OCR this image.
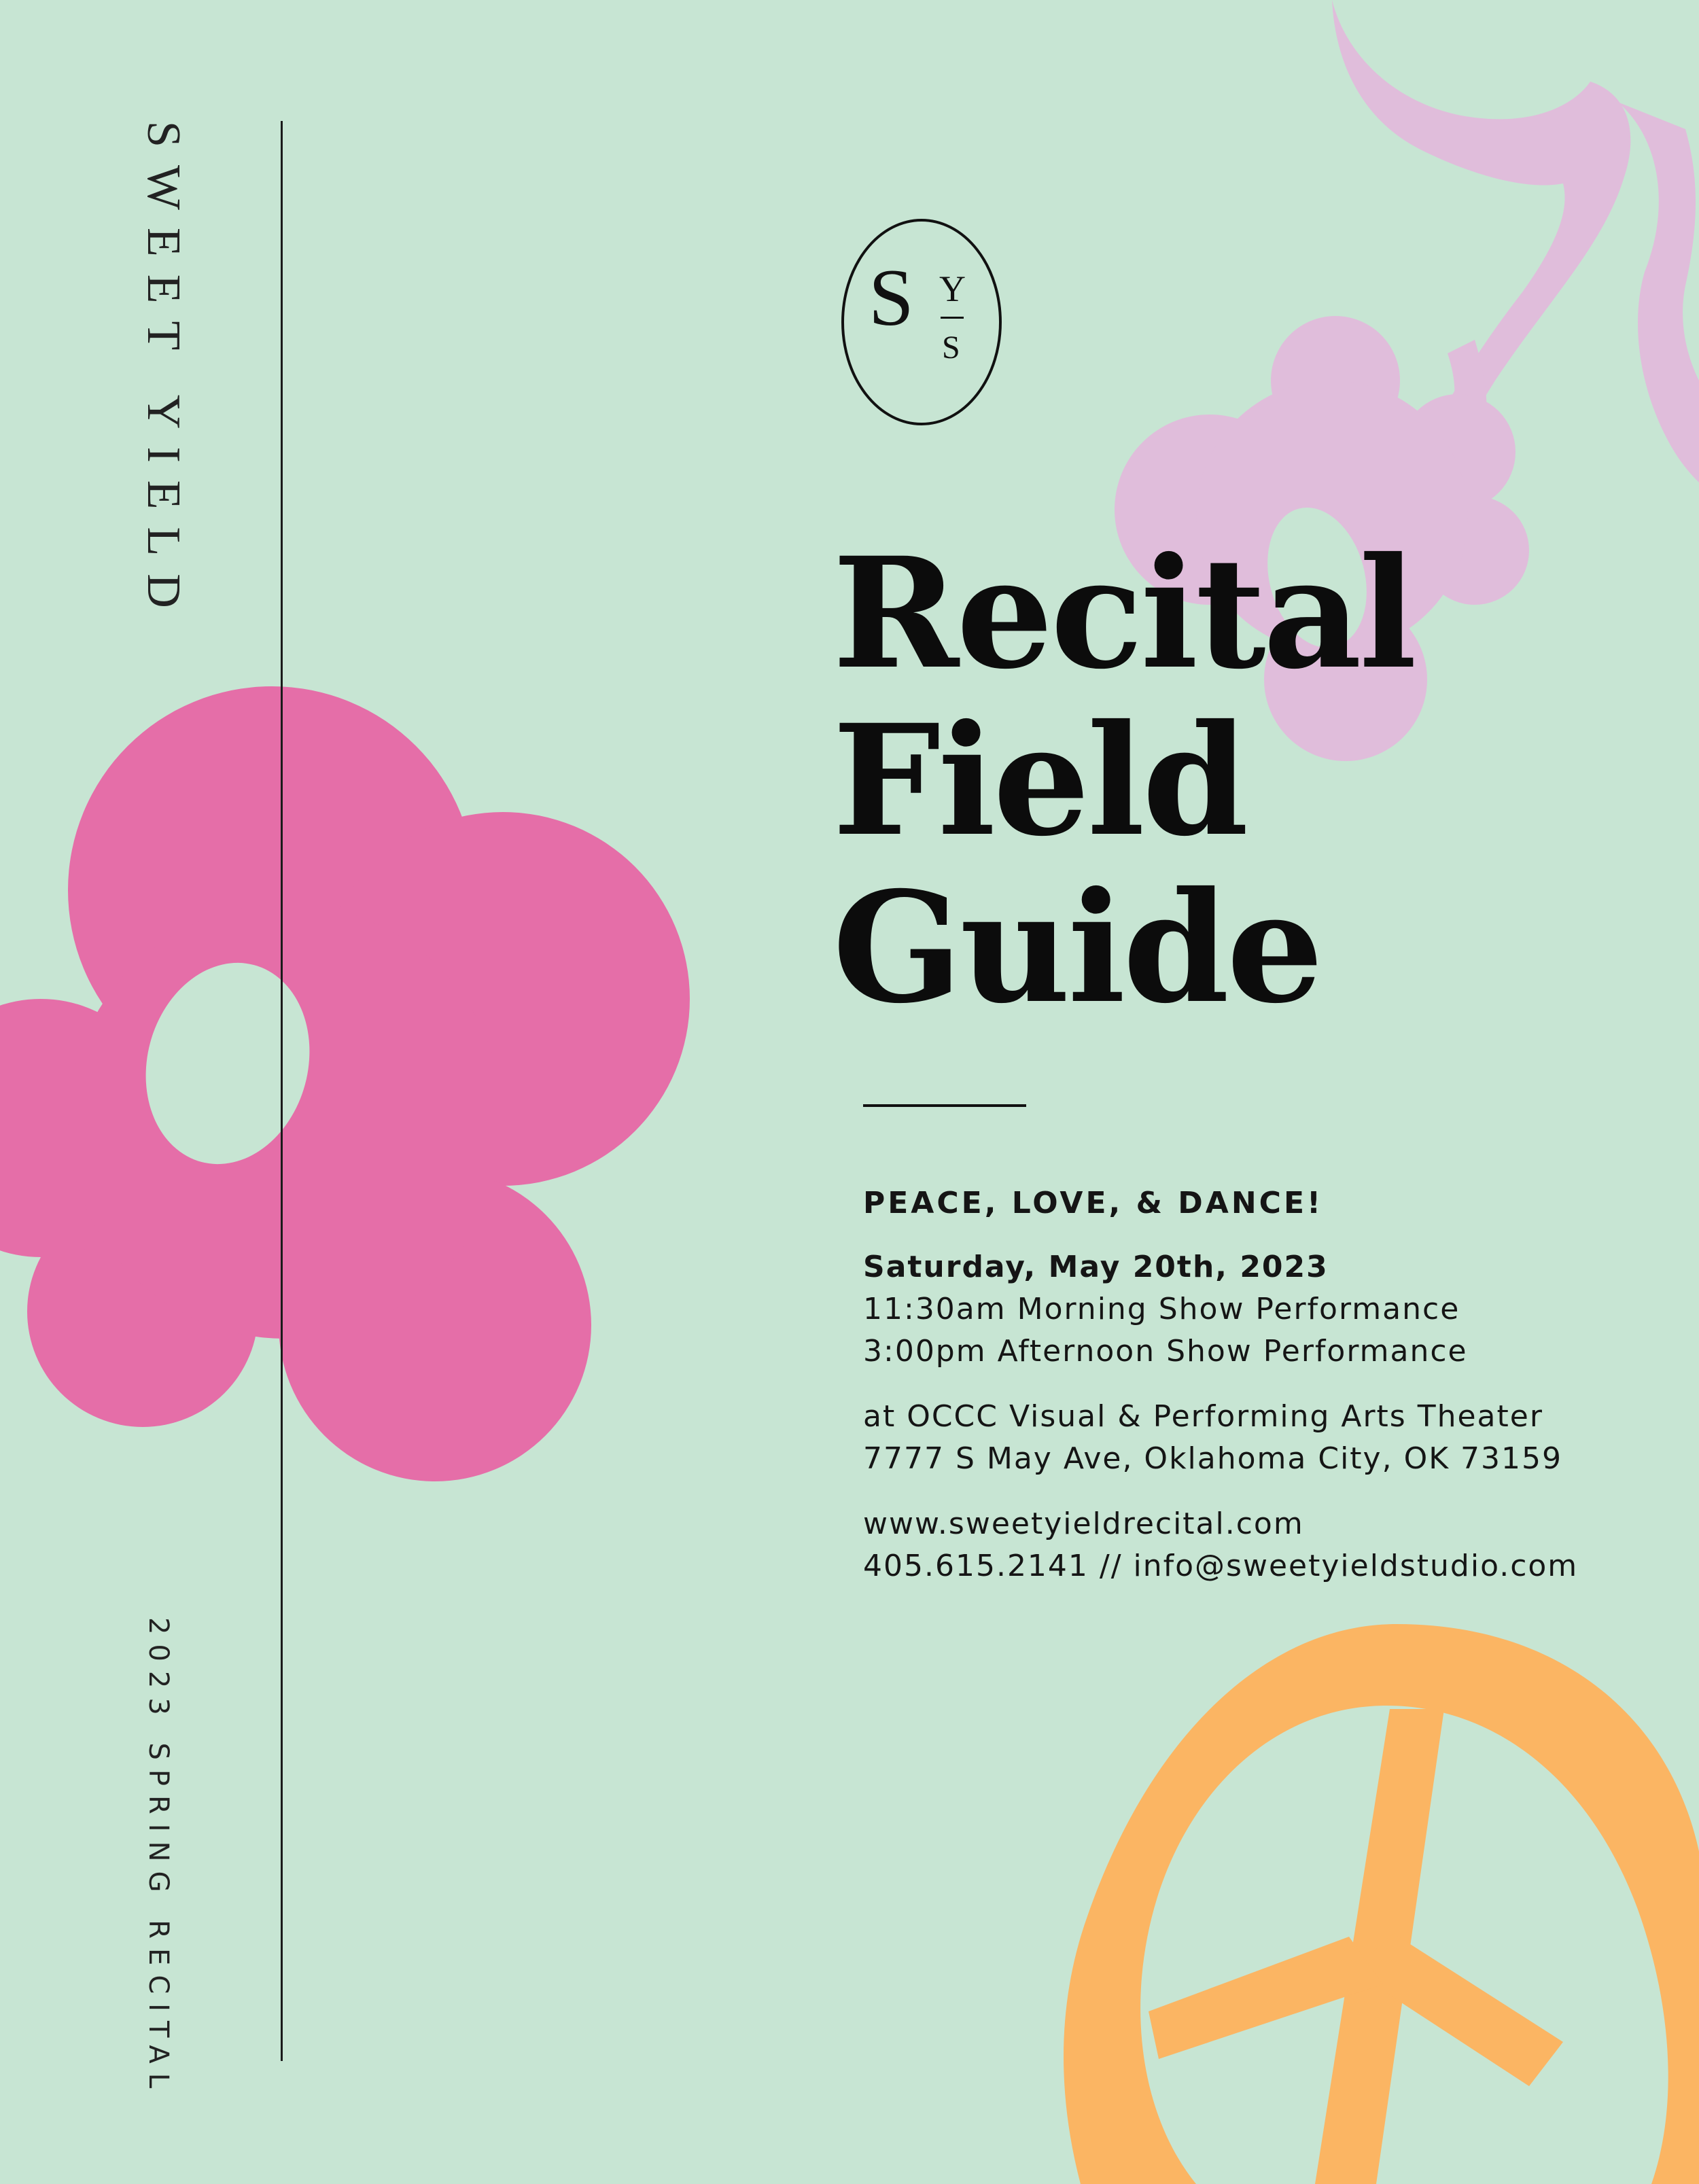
SWEET YIELD
2023 SPRING RECITAL
S Y
S
Recital
Field
Guide
PEACE, LOVE, & DANCE!
Saturday, May 20th, 2023
11:30am Morning Show Performance
3:00pm Afternoon Show Performance
at OCCC Visual & Performing Arts Theater
7777 S May Ave, Oklahoma City, OK 73159
www.sweetyieldrecital.com
405.615.2141 // info@sweetyieldstudio.com
